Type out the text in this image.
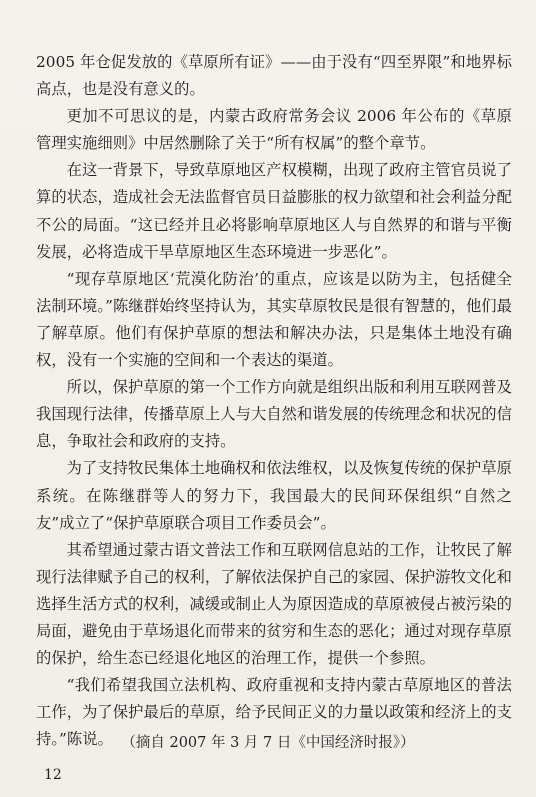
2005 年仓促发放的《草原所有证》——由于没有“四至界限”和地界标高点，也是没有意义的。

更加不可思议的是，内蒙古政府常务会议 2006 年公布的《草原管理实施细则》中居然删除了关于“所有权属”的整个章节。

在这一背景下，导致草原地区产权模糊，出现了政府主管官员说了算的状态，造成社会无法监督官员日益膨胀的权力欲望和社会利益分配不公的局面。“这已经并且必将影响草原地区人与自然界的和谐与平衡发展，必将造成干旱草原地区生态环境进一步恶化”。

“现存草原地区‘荒漠化防治’的重点，应该是以防为主，包括健全法制环境。”陈继群始终坚持认为，其实草原牧民是很有智慧的，他们最了解草原。他们有保护草原的想法和解决办法，只是集体土地没有确权，没有一个实施的空间和一个表达的渠道。

所以，保护草原的第一个工作方向就是组织出版和利用互联网普及我国现行法律，传播草原上人与大自然和谐发展的传统理念和状况的信息，争取社会和政府的支持。

为了支持牧民集体土地确权和依法维权，以及恢复传统的保护草原系统。在陈继群等人的努力下，我国最大的民间环保组织“自然之友”成立了“保护草原联合项目工作委员会”。

其希望通过蒙古语文普法工作和互联网信息站的工作，让牧民了解现行法律赋予自己的权利，了解依法保护自己的家园、保护游牧文化和选择生活方式的权利，减缓或制止人为原因造成的草原被侵占被污染的局面，避免由于草场退化而带来的贫穷和生态的恶化；通过对现存草原的保护，给生态已经退化地区的治理工作，提供一个参照。

“我们希望我国立法机构、政府重视和支持内蒙古草原地区的普法工作，为了保护最后的草原，给予民间正义的力量以政策和经济上的支持。”陈说。 （摘自 2007 年 3 月 7 日《中国经济时报》）
12
